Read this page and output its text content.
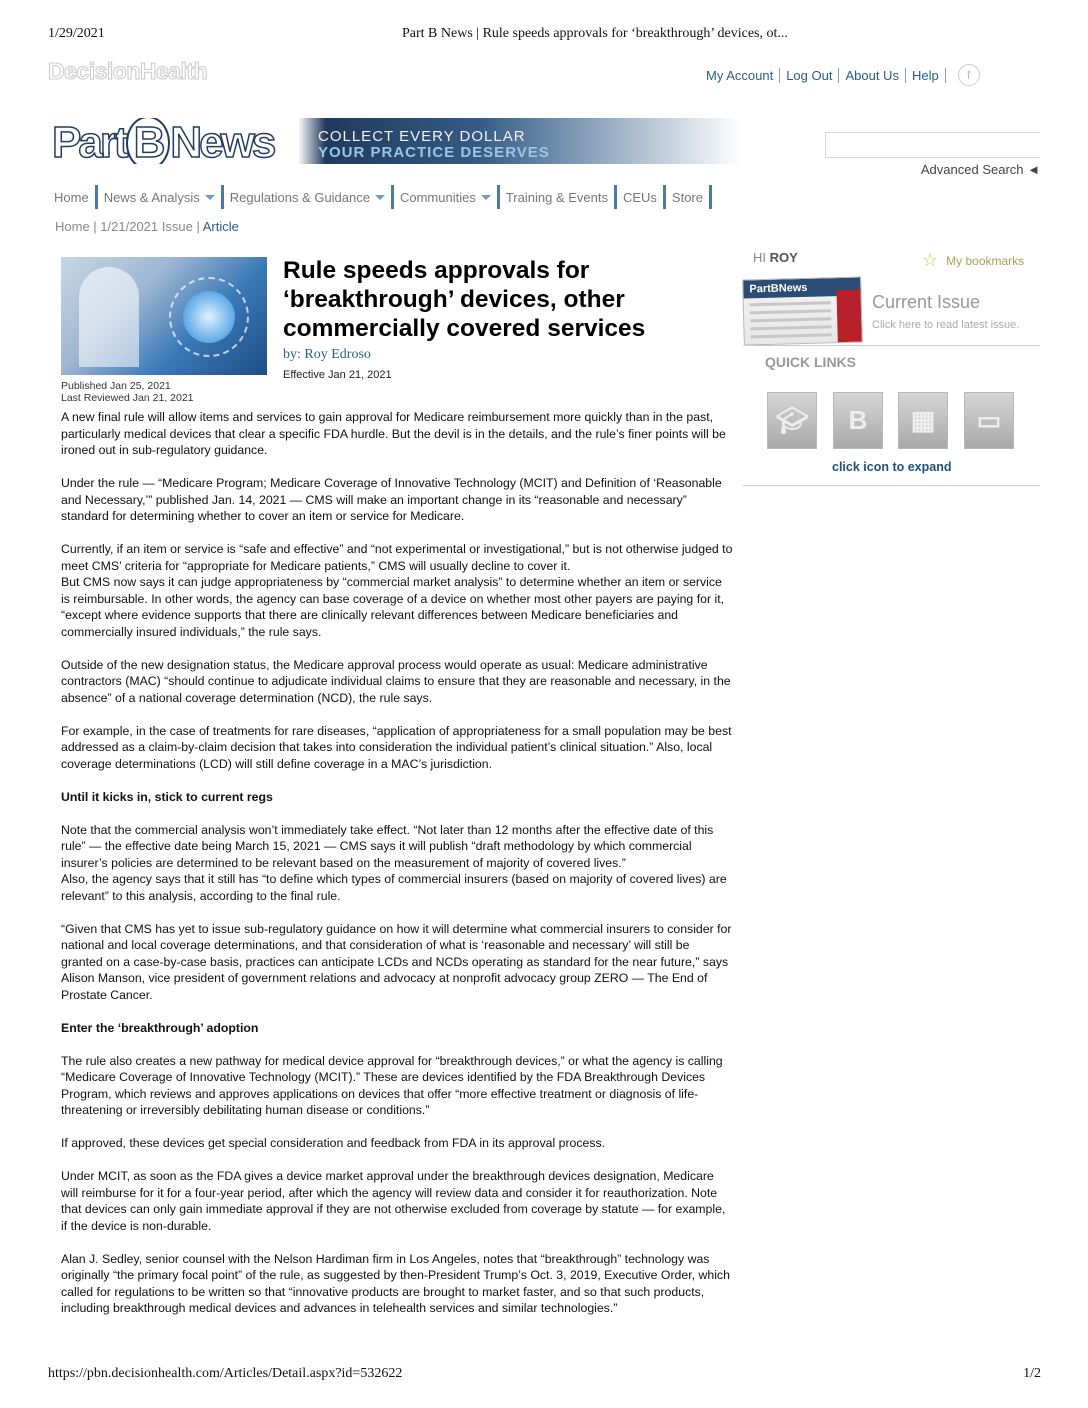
1/29/2021	Part B News | Rule speeds approvals for ‘breakthrough’ devices, ot...
DecisionHealth	My Account	Log Out	About Us	Help	f
Part B News	COLLECT EVERY DOLLAR
YOUR PRACTICE DESERVES
Advanced Search ◄
Home News & Analysis Regulations & Guidance Communities Training & Events CEUs Store
Home | 1/21/2021 Issue | Article
Published Jan 25, 2021
Last Reviewed Jan 21, 2021
Rule speeds approvals for ‘breakthrough’ devices, other commercially covered services
by: Roy Edroso
Effective Jan 21, 2021
A new final rule will allow items and services to gain approval for Medicare reimbursement more quickly than in the past, particularly medical devices that clear a specific FDA hurdle. But the devil is in the details, and the rule’s finer points will be ironed out in sub-regulatory guidance.
Under the rule — “Medicare Program; Medicare Coverage of Innovative Technology (MCIT) and Definition of ‘Reasonable and Necessary,’” published Jan. 14, 2021 — CMS will make an important change in its “reasonable and necessary” standard for determining whether to cover an item or service for Medicare.
Currently, if an item or service is “safe and effective” and “not experimental or investigational,” but is not otherwise judged to meet CMS’ criteria for “appropriate for Medicare patients,” CMS will usually decline to cover it.
But CMS now says it can judge appropriateness by “commercial market analysis” to determine whether an item or service is reimbursable. In other words, the agency can base coverage of a device on whether most other payers are paying for it, “except where evidence supports that there are clinically relevant differences between Medicare beneficiaries and commercially insured individuals,” the rule says.
Outside of the new designation status, the Medicare approval process would operate as usual: Medicare administrative contractors (MAC) “should continue to adjudicate individual claims to ensure that they are reasonable and necessary, in the absence” of a national coverage determination (NCD), the rule says.
For example, in the case of treatments for rare diseases, “application of appropriateness for a small population may be best addressed as a claim-by-claim decision that takes into consideration the individual patient’s clinical situation.” Also, local coverage determinations (LCD) will still define coverage in a MAC’s jurisdiction.
Until it kicks in, stick to current regs
Note that the commercial analysis won’t immediately take effect. “Not later than 12 months after the effective date of this rule” — the effective date being March 15, 2021 — CMS says it will publish “draft methodology by which commercial insurer’s policies are determined to be relevant based on the measurement of majority of covered lives.”
Also, the agency says that it still has “to define which types of commercial insurers (based on majority of covered lives) are relevant” to this analysis, according to the final rule.
“Given that CMS has yet to issue sub-regulatory guidance on how it will determine what commercial insurers to consider for national and local coverage determinations, and that consideration of what is ‘reasonable and necessary’ will still be granted on a case-by-case basis, practices can anticipate LCDs and NCDs operating as standard for the near future,” says Alison Manson, vice president of government relations and advocacy at nonprofit advocacy group ZERO — The End of Prostate Cancer.
Enter the ‘breakthrough’ adoption
The rule also creates a new pathway for medical device approval for “breakthrough devices,” or what the agency is calling “Medicare Coverage of Innovative Technology (MCIT).” These are devices identified by the FDA Breakthrough Devices Program, which reviews and approves applications on devices that offer “more effective treatment or diagnosis of life-threatening or irreversibly debilitating human disease or conditions.”
If approved, these devices get special consideration and feedback from FDA in its approval process.
Under MCIT, as soon as the FDA gives a device market approval under the breakthrough devices designation, Medicare will reimburse for it for a four-year period, after which the agency will review data and consider it for reauthorization. Note that devices can only gain immediate approval if they are not otherwise excluded from coverage by statute — for example, if the device is non-durable.
Alan J. Sedley, senior counsel with the Nelson Hardiman firm in Los Angeles, notes that “breakthrough” technology was originally “the primary focal point” of the rule, as suggested by then-President Trump’s Oct. 3, 2019, Executive Order, which called for regulations to be written so that “innovative products are brought to market faster, and so that such products, including breakthrough medical devices and advances in telehealth services and similar technologies.”
HI ROY	☆ My bookmarks
PartBNews
Current Issue
Click here to read latest issue.
QUICK LINKS
🎓︎	B	▦	▭
click icon to expand
https://pbn.decisionhealth.com/Articles/Detail.aspx?id=532622	1/2
